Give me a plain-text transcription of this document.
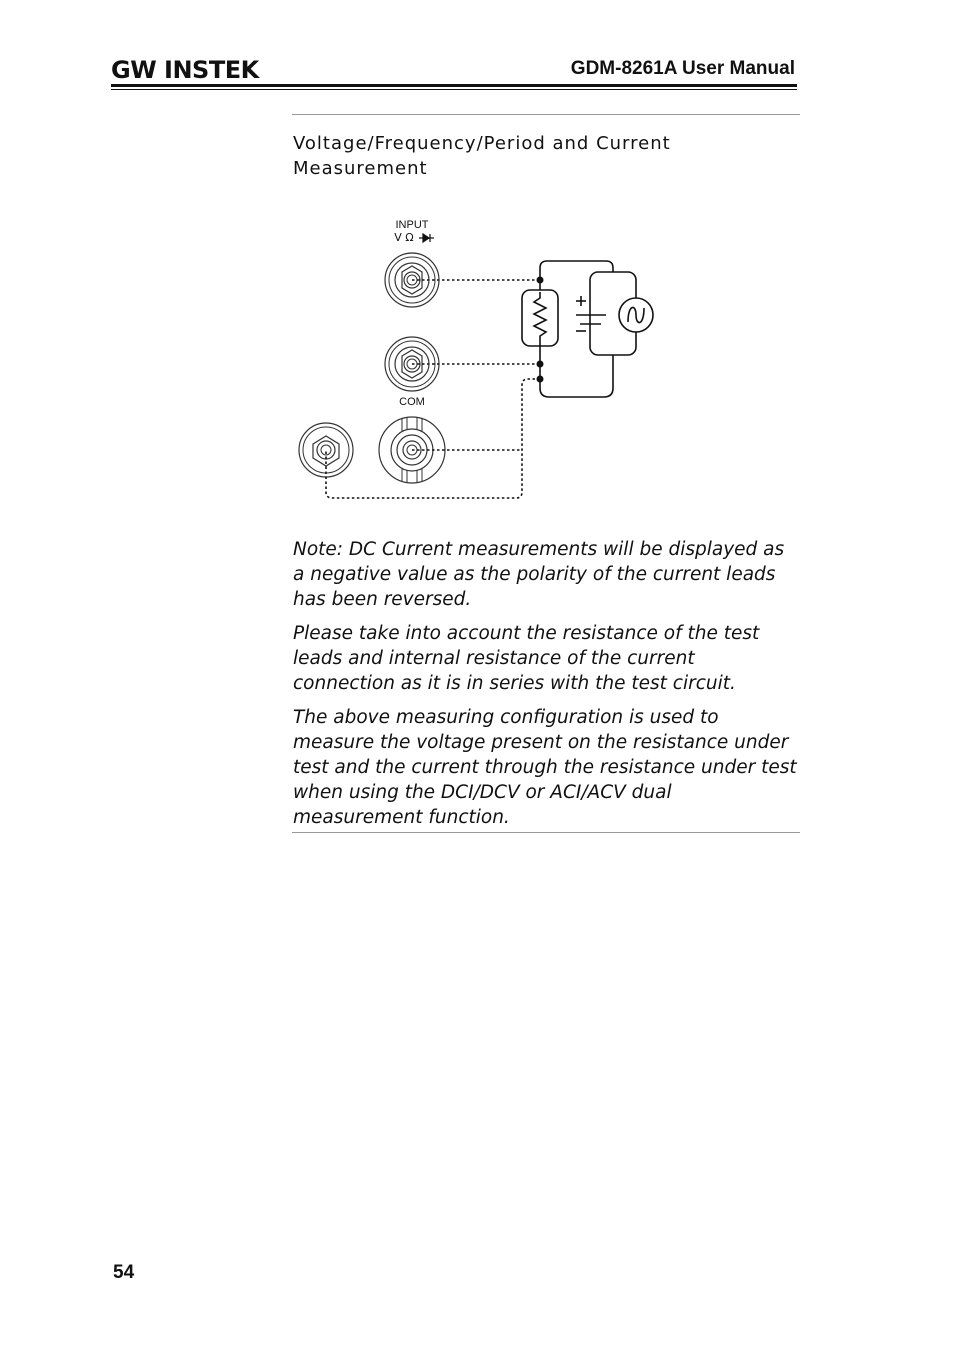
GW INSTEK	GDM-8261A User Manual
Voltage/Frequency/Period and Current Measurement
INPUT
V Ω
COM

Note: DC Current measurements will be displayed as a negative value as the polarity of the current leads has been reversed.

Please take into account the resistance of the test leads and internal resistance of the current connection as it is in series with the test circuit.

The above measuring configuration is used to measure the voltage present on the resistance under test and the current through the resistance under test when using the DCI/DCV or ACI/ACV dual measurement function.

54
